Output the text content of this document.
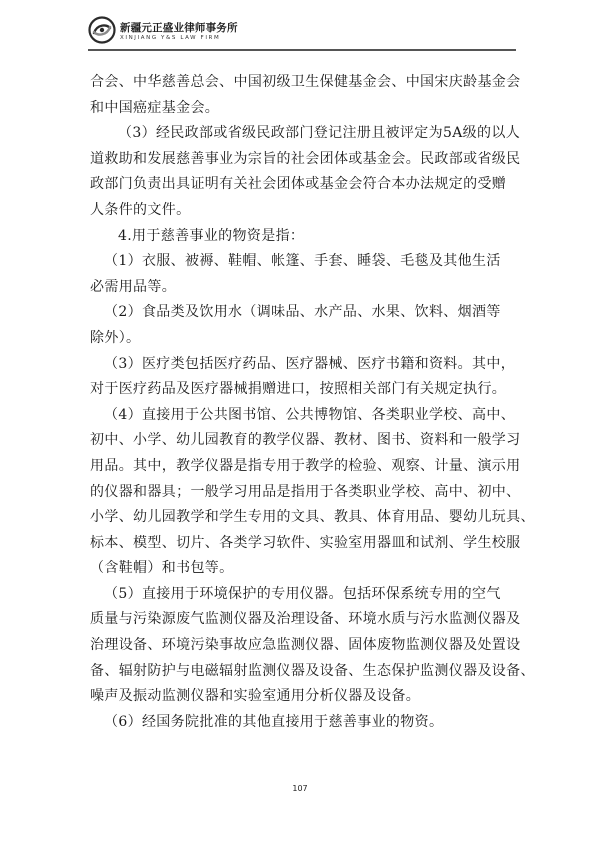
新疆元正盛业律师事务所
XINJIANG Y&S LAW FIRM
合会、中华慈善总会、中国初级卫生保健基金会、中国宋庆龄基金会
和中国癌症基金会。
（3）经民政部或省级民政部门登记注册且被评定为5A级的以人
道救助和发展慈善事业为宗旨的社会团体或基金会。民政部或省级民
政部门负责出具证明有关社会团体或基金会符合本办法规定的受赠
人条件的文件。
4.用于慈善事业的物资是指：
（1）衣服、被褥、鞋帽、帐篷、手套、睡袋、毛毯及其他生活
必需用品等。
（2）食品类及饮用水（调味品、水产品、水果、饮料、烟酒等
除外）。
（3）医疗类包括医疗药品、医疗器械、医疗书籍和资料。其中，
对于医疗药品及医疗器械捐赠进口，按照相关部门有关规定执行。
（4）直接用于公共图书馆、公共博物馆、各类职业学校、高中、
初中、小学、幼儿园教育的教学仪器、教材、图书、资料和一般学习
用品。其中，教学仪器是指专用于教学的检验、观察、计量、演示用
的仪器和器具；一般学习用品是指用于各类职业学校、高中、初中、
小学、幼儿园教学和学生专用的文具、教具、体育用品、婴幼儿玩具、
标本、模型、切片、各类学习软件、实验室用器皿和试剂、学生校服
（含鞋帽）和书包等。
（5）直接用于环境保护的专用仪器。包括环保系统专用的空气
质量与污染源废气监测仪器及治理设备、环境水质与污水监测仪器及
治理设备、环境污染事故应急监测仪器、固体废物监测仪器及处置设
备、辐射防护与电磁辐射监测仪器及设备、生态保护监测仪器及设备、
噪声及振动监测仪器和实验室通用分析仪器及设备。
（6）经国务院批准的其他直接用于慈善事业的物资。
107
